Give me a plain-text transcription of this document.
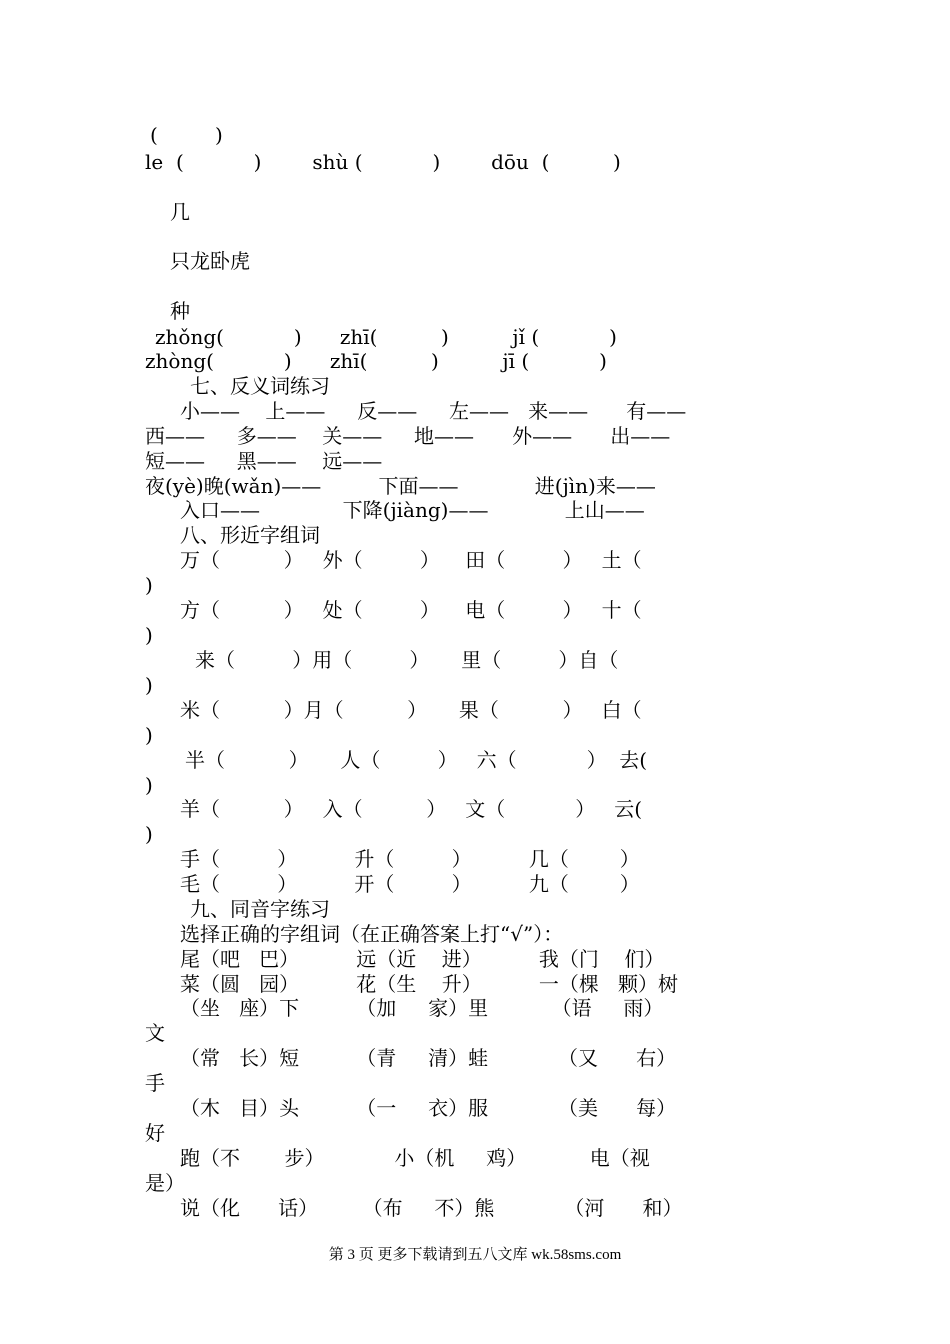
(         )
le  (           )        shù (           )        dōu  (          )
几
只龙卧虎
种
zhǒng(           )      zhī(          )          jǐ (           )
zhòng(           )      zhī(          )          jī (           )
七、反义词练习
小——    上——     反——     左——   来——      有——
西——     多——    关——     地——      外——      出——
短——     黑——    远——
夜(yè)晚(wǎn)——         下面——            进(jìn)来——
入口——             下降(jiàng)——            上山——
八、形近字组词
万（          ）   外（         ）    田（         ）   土（
)
方（          ）   处（         ）    电（         ）   十（
)
来（         ）用（         ）     里（         ）自（
)
米（          ）月（          ）     果（          ）   白（
)
半（          ）     人（         ）   六（           ）  去(
)
羊（          ）   入（          ）   文（           ）   云(
)
手（         ）         升（         ）         几（        ）
毛（         ）         开（         ）         九（        ）
九、同音字练习
选择正确的字组词（在正确答案上打“√”）：
尾（吧   巴）         远（近    进）         我（门    们）
菜（圆   园）         花（生    升）         一（棵   颗）树
（坐   座）下         （加     家）里          （语     雨）
文
（常   长）短         （青     清）蛙           （又      右）
手
（木   目）头         （一     衣）服           （美      每）
好
跑（不       步）           小（机     鸡）          电（视
是）
说（化      话）       （布     不）熊           （河      和）
第 3 页 更多下载请到五八文库 wk.58sms.com
